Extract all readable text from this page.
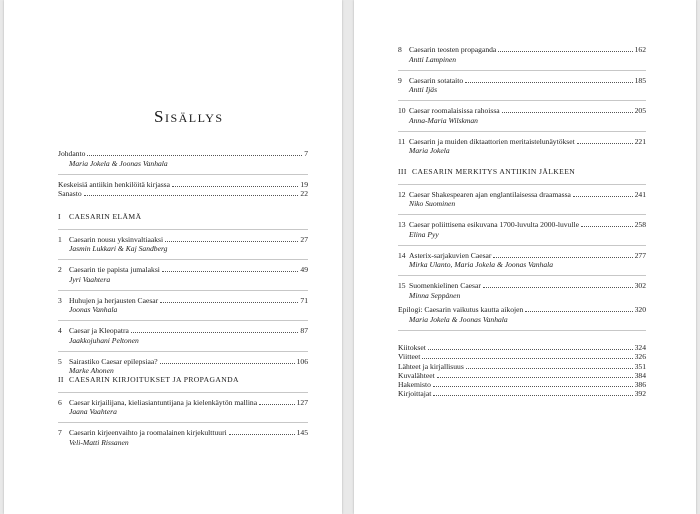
Sisällys
Johdanto	7
Maria Jokela & Joonas Vanhala
Keskeisiä antiikin henkilöitä kirjassa	19
Sanasto	22
I	CAESARIN ELÄMÄ
1 Caesarin nousu yksinvaltiaaksi	27
Jasmin Lukkari & Kaj Sandberg
2 Caesarin tie papista jumalaksi	49
Jyri Vaahtera
3 Huhujen ja herjausten Caesar	71
Joonas Vanhala
4 Caesar ja Kleopatra	87
Jaakkojuhani Peltonen
5 Sairastiko Caesar epilepsiaa?	106
Marke Ahonen
II CAESARIN KIRJOITUKSET JA PROPAGANDA
6 Caesar kirjailijana, kieliasiantuntijana ja kielenkäytön mallina	127
Jaana Vaahtera
7 Caesarin kirjeenvaihto ja roomalainen kirjekulttuuri	145
Veli-Matti Rissanen
8 Caesarin teosten propaganda	162
Antti Lampinen
9 Caesarin sotataito	185
Antti Ijäs
10 Caesar roomalaisissa rahoissa	205
Anna-Maria Wilskman
11 Caesarin ja muiden diktaattorien meritaistelunäytökset	221
Maria Jokela
III CAESARIN MERKITYS ANTIIKIN JÄLKEEN
12 Caesar Shakespearen ajan englantilaisessa draamassa	241
Niko Suominen
13 Caesar poliittisena esikuvana 1700-luvulta 2000-luvulle	258
Elina Pyy
14 Asterix-sarjakuvien Caesar	277
Mirka Ulanto, Maria Jokela & Joonas Vanhala
15 Suomenkielinen Caesar	302
Minna Seppänen
Epilogi: Caesarin vaikutus kautta aikojen	320
Maria Jokela & Joonas Vanhala
Kiitokset	324
Viitteet	326
Lähteet ja kirjallisuus	351
Kuvalähteet	384
Hakemisto	386
Kirjoittajat	392
